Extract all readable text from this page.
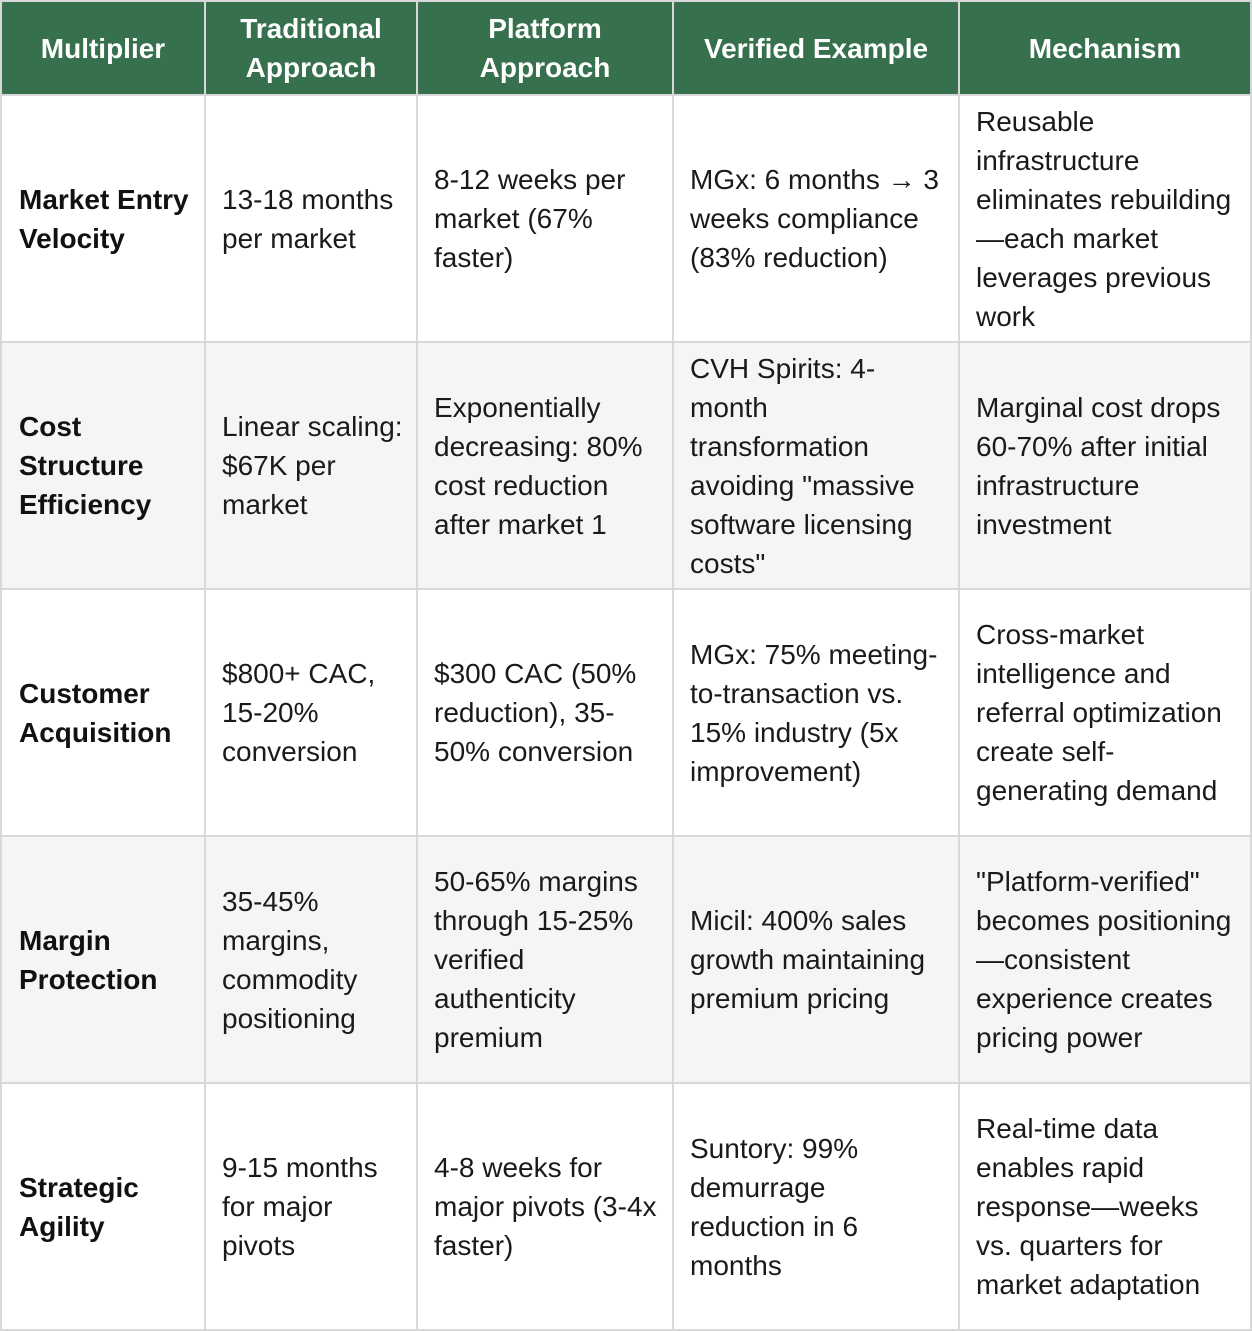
Multiplier	Traditional Approach	Platform Approach	Verified Example	Mechanism
Market Entry Velocity	13-18 months per market	8-12 weeks per market (67% faster)	MGx: 6 months → 3 weeks compliance (83% reduction)	Reusable infrastructure eliminates rebuilding—each market leverages previous work
Cost Structure Efficiency	Linear scaling: $67K per market	Exponentially decreasing: 80% cost reduction after market 1	CVH Spirits: 4-month transformation avoiding "massive software licensing costs"	Marginal cost drops 60-70% after initial infrastructure investment
Customer Acquisition	$800+ CAC, 15-20% conversion	$300 CAC (50% reduction), 35-50% conversion	MGx: 75% meeting-to-transaction vs. 15% industry (5x improvement)	Cross-market intelligence and referral optimization create self-generating demand
Margin Protection	35-45% margins, commodity positioning	50-65% margins through 15-25% verified authenticity premium	Micil: 400% sales growth maintaining premium pricing	"Platform-verified" becomes positioning—consistent experience creates pricing power
Strategic Agility	9-15 months for major pivots	4-8 weeks for major pivots (3-4x faster)	Suntory: 99% demurrage reduction in 6 months	Real-time data enables rapid response—weeks vs. quarters for market adaptation
